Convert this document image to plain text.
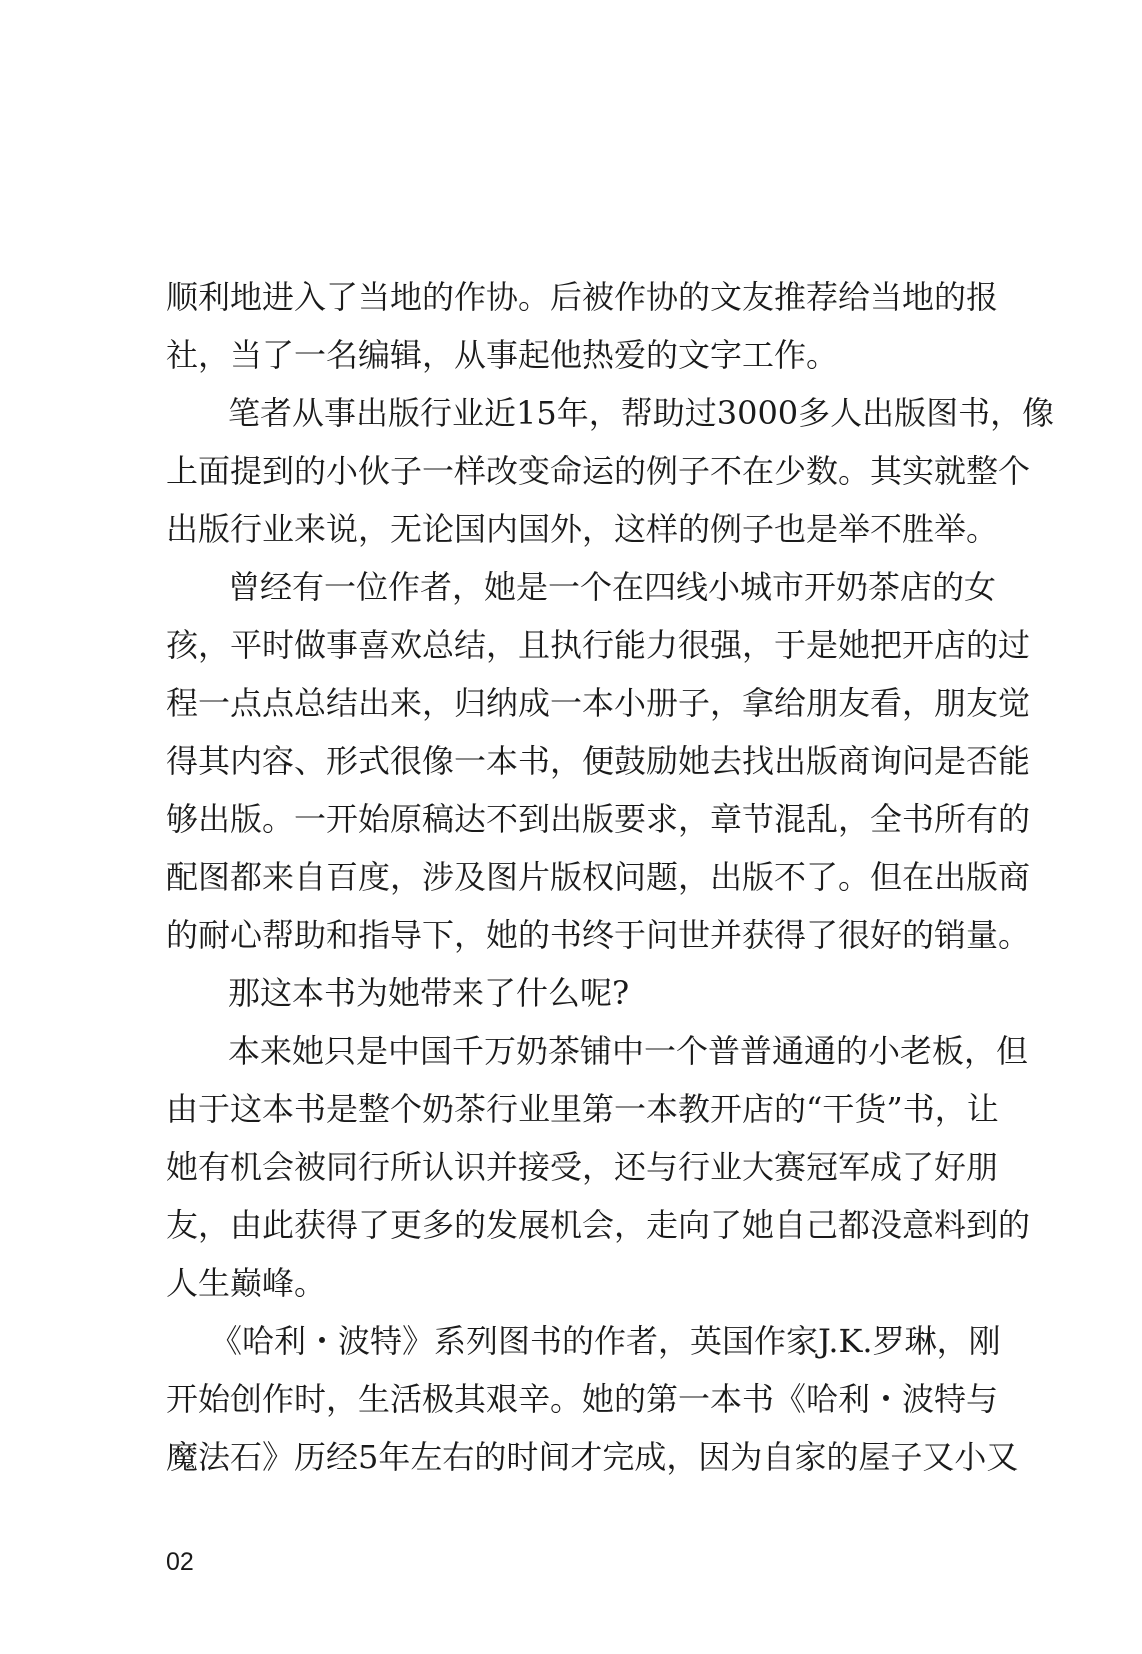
顺利地进入了当地的作协。后被作协的文友推荐给当地的报
社，当了一名编辑，从事起他热爱的文字工作。
笔者从事出版行业近15年，帮助过3000多人出版图书，像
上面提到的小伙子一样改变命运的例子不在少数。其实就整个
出版行业来说，无论国内国外，这样的例子也是举不胜举。
曾经有一位作者，她是一个在四线小城市开奶茶店的女
孩，平时做事喜欢总结，且执行能力很强，于是她把开店的过
程一点点总结出来，归纳成一本小册子，拿给朋友看，朋友觉
得其内容、形式很像一本书，便鼓励她去找出版商询问是否能
够出版。一开始原稿达不到出版要求，章节混乱，全书所有的
配图都来自百度，涉及图片版权问题，出版不了。但在出版商
的耐心帮助和指导下，她的书终于问世并获得了很好的销量。
那这本书为她带来了什么呢?
本来她只是中国千万奶茶铺中一个普普通通的小老板，但
由于这本书是整个奶茶行业里第一本教开店的“干货”书，让
她有机会被同行所认识并接受，还与行业大赛冠军成了好朋
友，由此获得了更多的发展机会，走向了她自己都没意料到的
人生巅峰。
《哈利・波特》系列图书的作者，英国作家J.K.罗琳，刚
开始创作时，生活极其艰辛。她的第一本书《哈利・波特与
魔法石》历经5年左右的时间才完成，因为自家的屋子又小又
02
